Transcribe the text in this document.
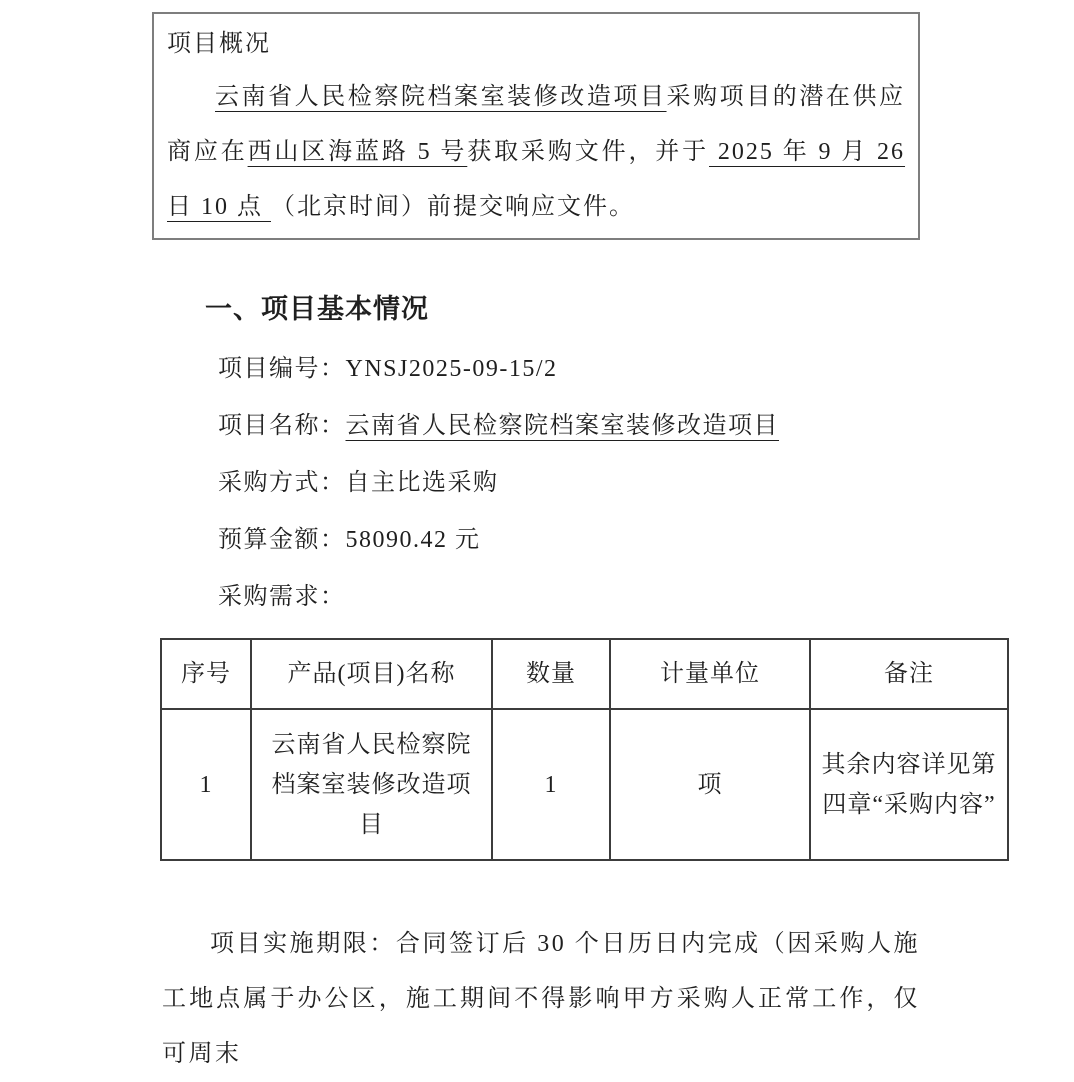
项目概况

云南省人民检察院档案室装修改造项目采购项目的潜在供应商应在西山区海蓝路 5 号获取采购文件，并于 2025 年 9 月 26 日 10 点 （北京时间）前提交响应文件。

一、项目基本情况
项目编号：YNSJ2025-09-15/2
项目名称：云南省人民检察院档案室装修改造项目
采购方式：自主比选采购
预算金额：58090.42 元
采购需求：
序号	产品(项目)名称	数量	计量单位	备注
1	云南省人民检察院档案室装修改造项目	1	项	其余内容详见第四章“采购内容”

项目实施期限：合同签订后 30 个日历日内完成（因采购人施工地点属于办公区，施工期间不得影响甲方采购人正常工作，仅可周末
